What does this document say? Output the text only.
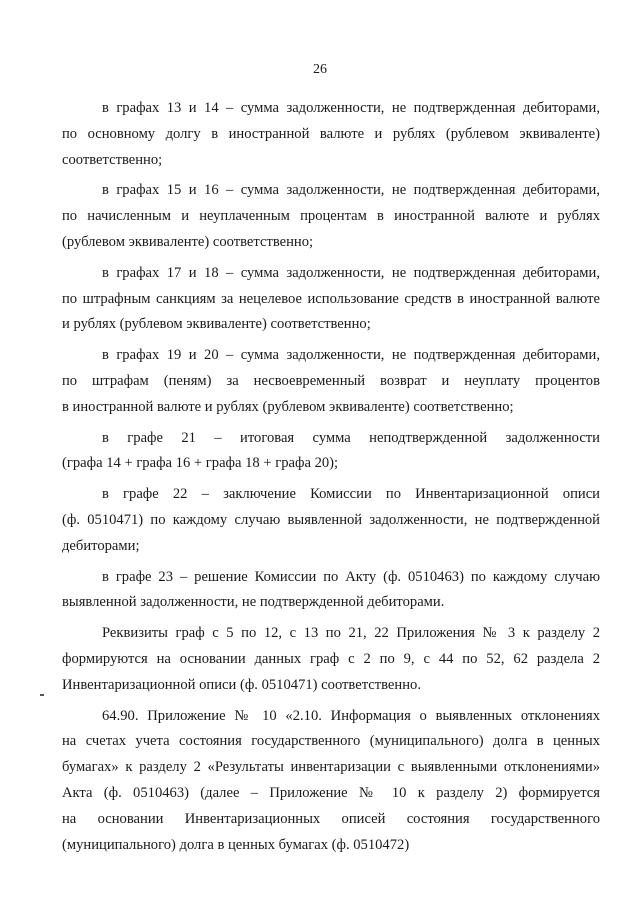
26
в графах 13 и 14 – сумма задолженности, не подтвержденная дебиторами,
по основному долгу в иностранной валюте и рублях (рублевом эквиваленте)
соответственно;
в графах 15 и 16 – сумма задолженности, не подтвержденная дебиторами,
по начисленным и неуплаченным процентам в иностранной валюте и рублях
(рублевом эквиваленте) соответственно;
в графах 17 и 18 – сумма задолженности, не подтвержденная дебиторами,
по штрафным санкциям за нецелевое использование средств в иностранной валюте
и рублях (рублевом эквиваленте) соответственно;
в графах 19 и 20 – сумма задолженности, не подтвержденная дебиторами,
по штрафам (пеням) за несвоевременный возврат и неуплату процентов
в иностранной валюте и рублях (рублевом эквиваленте) соответственно;
в графе 21 – итоговая сумма неподтвержденной задолженности
(графа 14 + графа 16 + графа 18 + графа 20);
в графе 22 – заключение Комиссии по Инвентаризационной описи
(ф. 0510471) по каждому случаю выявленной задолженности, не подтвержденной
дебиторами;
в графе 23 – решение Комиссии по Акту (ф. 0510463) по каждому случаю
выявленной задолженности, не подтвержденной дебиторами.
Реквизиты граф с 5 по 12, с 13 по 21, 22 Приложения № 3 к разделу 2
формируются на основании данных граф с 2 по 9, с 44 по 52, 62 раздела 2
Инвентаризационной описи (ф. 0510471) соответственно.
64.90. Приложение № 10 «2.10. Информация о выявленных отклонениях
на счетах учета состояния государственного (муниципального) долга в ценных
бумагах» к разделу 2 «Результаты инвентаризации с выявленными отклонениями»
Акта (ф. 0510463) (далее – Приложение № 10 к разделу 2) формируется
на основании Инвентаризационных описей состояния государственного
(муниципального) долга в ценных бумагах (ф. 0510472)
